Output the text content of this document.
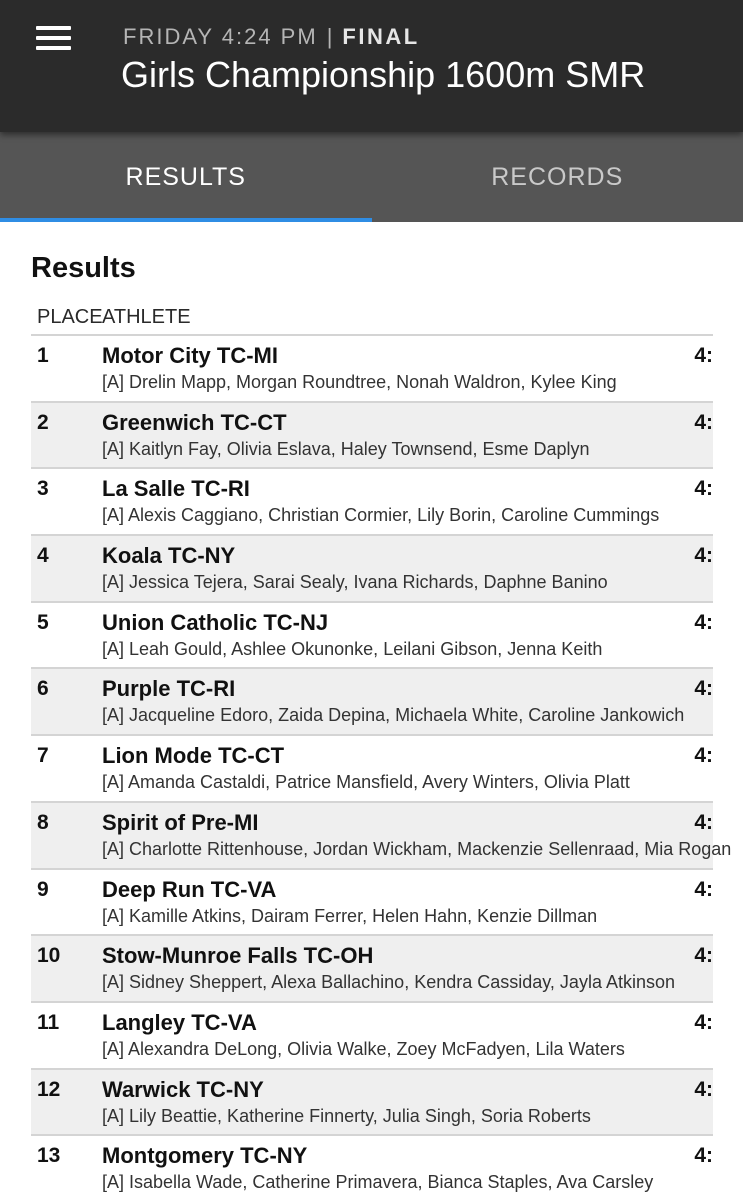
FRIDAY 4:24 PM | FINAL
Girls Championship 1600m SMR
RESULTS	RECORDS
Results
PLACE ATHLETE
1 Motor City TC-MI
[A] Drelin Mapp, Morgan Roundtree, Nonah Waldron, Kylee King
4:
2 Greenwich TC-CT
[A] Kaitlyn Fay, Olivia Eslava, Haley Townsend, Esme Daplyn
4:
3 La Salle TC-RI
[A] Alexis Caggiano, Christian Cormier, Lily Borin, Caroline Cummings
4:
4 Koala TC-NY
[A] Jessica Tejera, Sarai Sealy, Ivana Richards, Daphne Banino
4:
5 Union Catholic TC-NJ
[A] Leah Gould, Ashlee Okunonke, Leilani Gibson, Jenna Keith
4:
6 Purple TC-RI
[A] Jacqueline Edoro, Zaida Depina, Michaela White, Caroline Jankowich
4:
7 Lion Mode TC-CT
[A] Amanda Castaldi, Patrice Mansfield, Avery Winters, Olivia Platt
4:
8 Spirit of Pre-MI
[A] Charlotte Rittenhouse, Jordan Wickham, Mackenzie Sellenraad, Mia Rogan
4:
9 Deep Run TC-VA
[A] Kamille Atkins, Dairam Ferrer, Helen Hahn, Kenzie Dillman
4:
10 Stow-Munroe Falls TC-OH
[A] Sidney Sheppert, Alexa Ballachino, Kendra Cassiday, Jayla Atkinson
4:
11 Langley TC-VA
[A] Alexandra DeLong, Olivia Walke, Zoey McFadyen, Lila Waters
4:
12 Warwick TC-NY
[A] Lily Beattie, Katherine Finnerty, Julia Singh, Soria Roberts
4:
13 Montgomery TC-NY
[A] Isabella Wade, Catherine Primavera, Bianca Staples, Ava Carsley
4:
